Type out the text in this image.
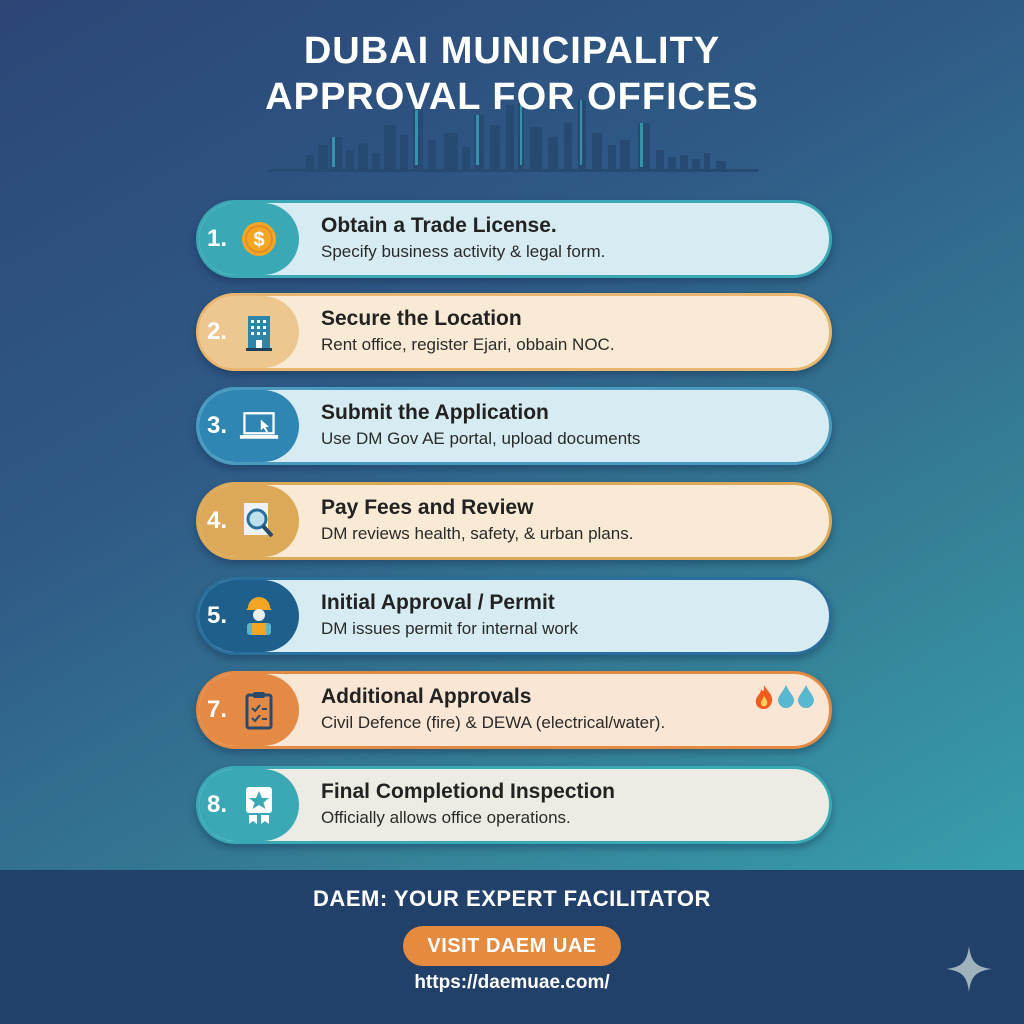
DUBAI MUNICIPALITY
APPROVAL FOR OFFICES
1.	$
Obtain a Trade License.
Specify business activity & legal form.
2.	Secure the Location
Rent office, register Ejari, obbain NOC.
3.	Submit the Application
Use DM Gov AE portal, upload documents
4.	Pay Fees and Review
DM reviews health, safety, & urban plans.
5.	Initial Approval / Permit
DM issues permit for internal work
7.	Additional Approvals
Civil Defence (fire) & DEWA (electrical/water).
8.	Final Completiond Inspection
Officially allows office operations.
DAEM: YOUR EXPERT FACILITATOR
VISIT DAEM UAE
https://daemuae.com/
